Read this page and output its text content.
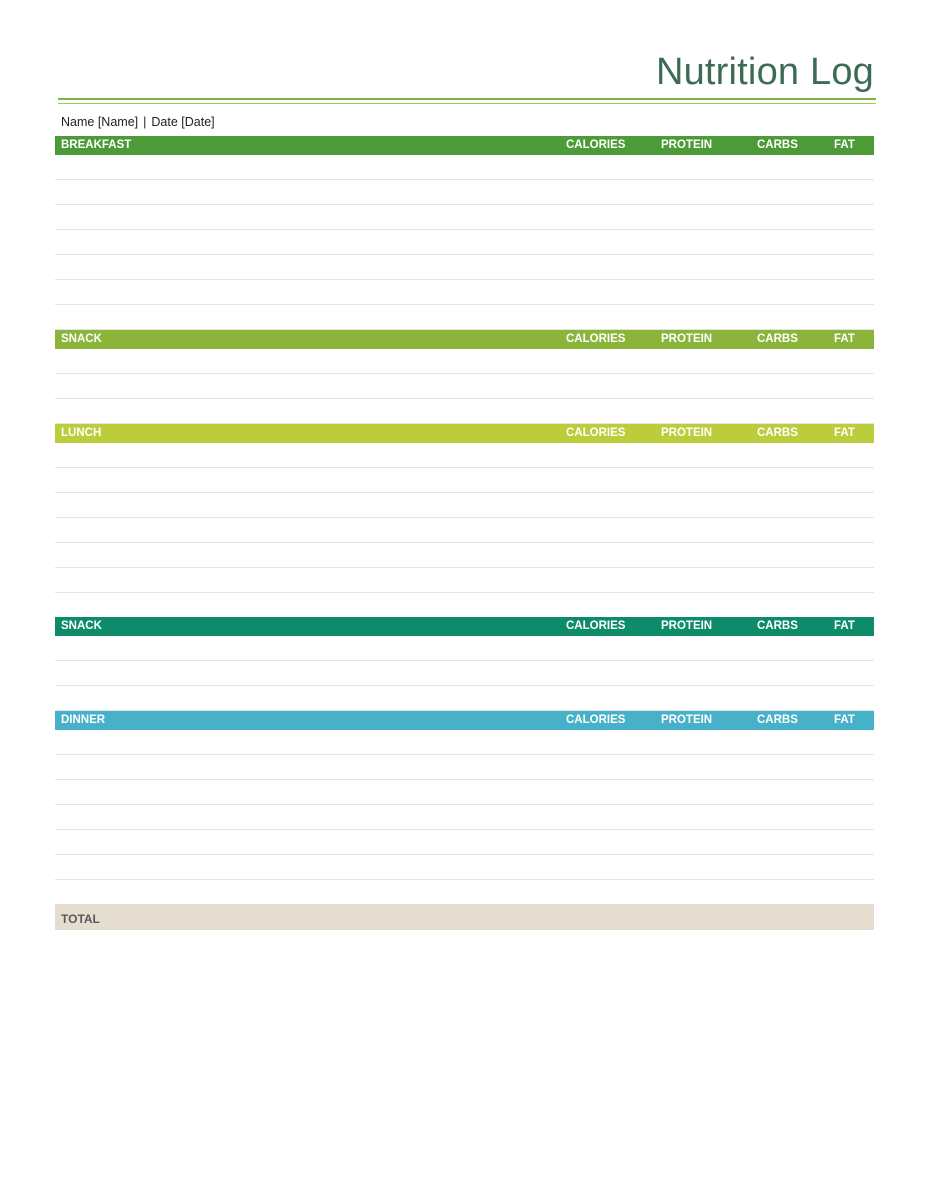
Nutrition Log
Name [Name] | Date [Date]
BREAKFAST	CALORIES	PROTEIN	CARBS	FAT
SNACK	CALORIES	PROTEIN	CARBS	FAT
LUNCH	CALORIES	PROTEIN	CARBS	FAT
SNACK	CALORIES	PROTEIN	CARBS	FAT
DINNER	CALORIES	PROTEIN	CARBS	FAT
TOTAL
